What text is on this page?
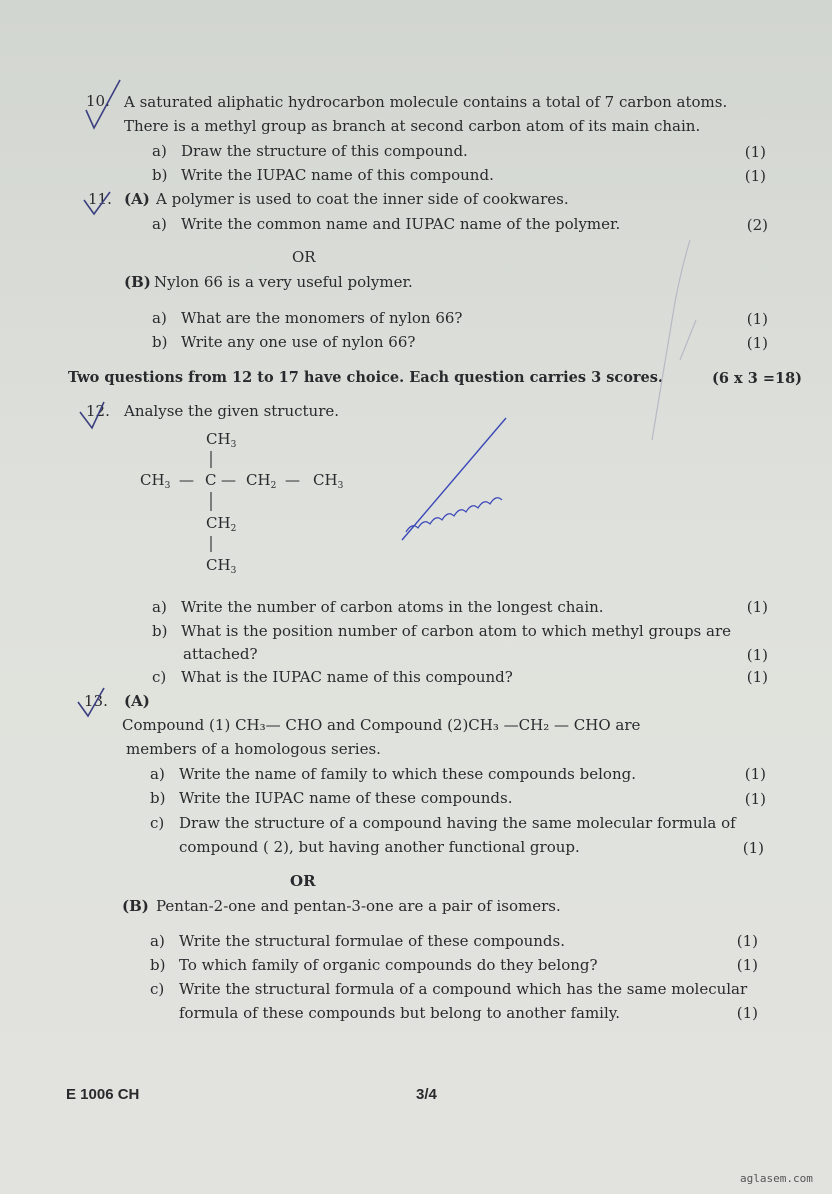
10. A saturated aliphatic hydrocarbon molecule contains a total of 7 carbon atoms.
There is a methyl group as branch at second carbon atom of its main chain.
a) Draw the structure of this compound.	(1)
b) Write the IUPAC name of this compound.	(1)
11. (A) A polymer is used to coat the inner side of cookwares.
a) Write the common name and IUPAC name of the polymer.	(2)
OR
(B) Nylon 66 is a very useful polymer.
a) What are the monomers of nylon 66?	(1)
b) Write any one use of nylon 66?	(1)
Two questions from 12 to 17 have choice. Each question carries 3 scores.	(6 x 3 =18)
12. Analyse the given structure.
$CH_3$
$CH_3$ — C — $CH_2$ — $CH_3$
$CH_2$
$CH_3$
a) Write the number of carbon atoms in the longest chain.	(1)
b) What is the position number of carbon atom to which methyl groups are
attached?	(1)
c) What is the IUPAC name of this compound?	(1)
13. (A)
Compound (1) CH₃— CHO and Compound (2)CH₃ —CH₂ — CHO are
members of a homologous series.
a) Write the name of family to which these compounds belong.	(1)
b) Write the IUPAC name of these compounds.	(1)
c) Draw the structure of a compound having the same molecular formula of
compound ( 2), but having another functional group.	(1)
OR
(B) Pentan-2-one and pentan-3-one are a pair of isomers.
a) Write the structural formulae of these compounds.	(1)
b) To which family of organic compounds do they belong?	(1)
c) Write the structural formula of a compound which has the same molecular
formula of these compounds but belong to another family.	(1)
E 1006 CH	3/4
aglasem.com
